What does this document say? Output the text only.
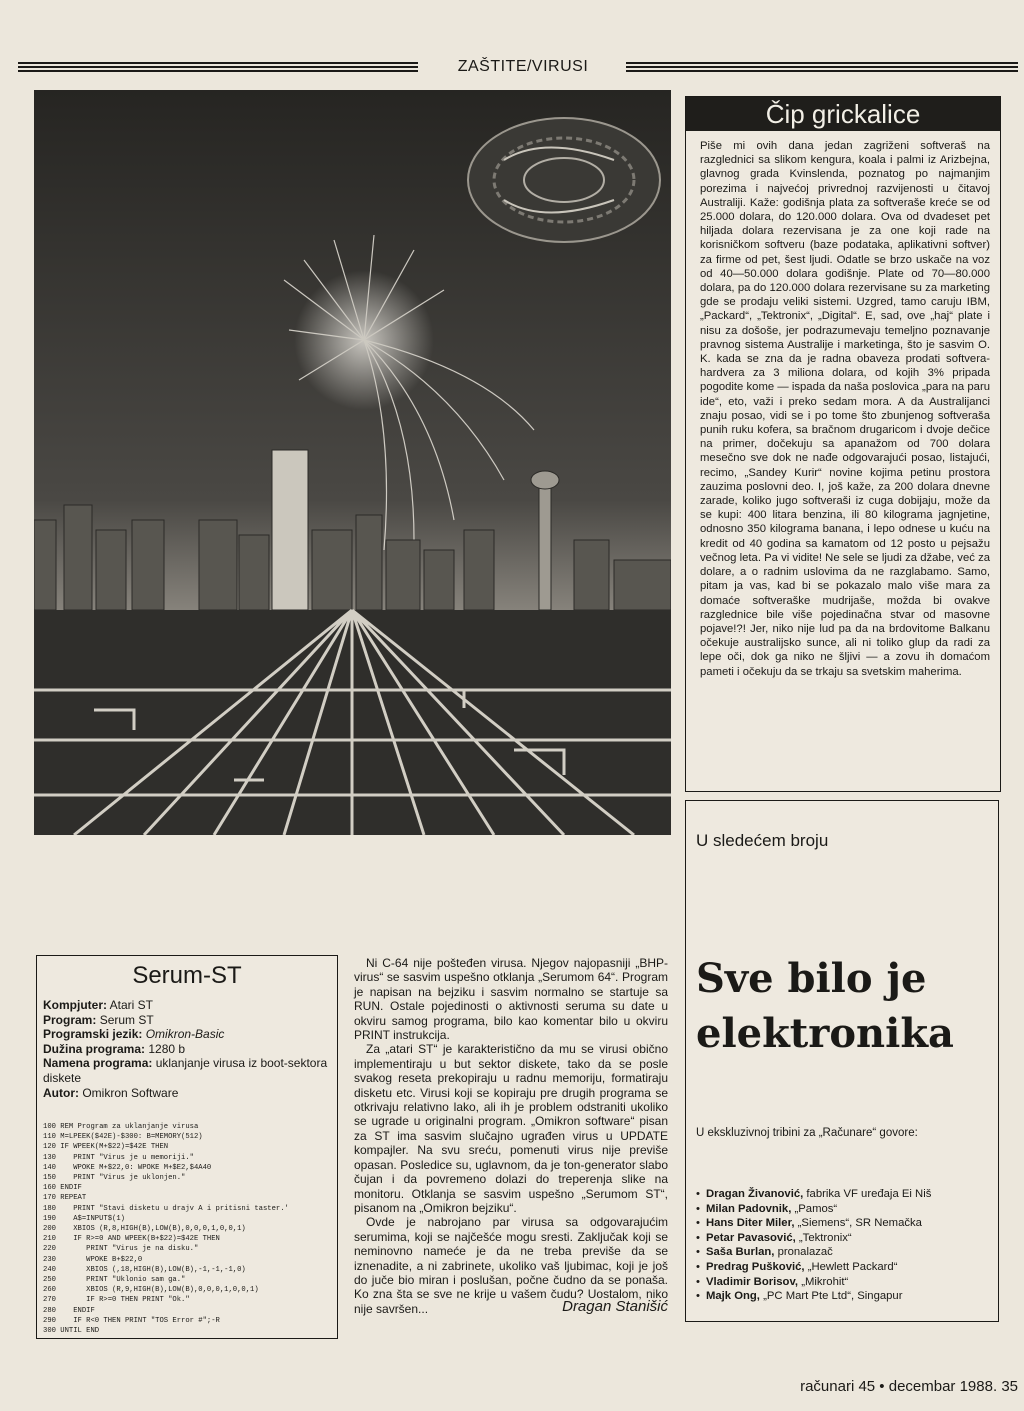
ZAŠTITE/VIRUSI
Čip grickalice
Piše mi ovih dana jedan zagriženi softveraš na razglednici sa slikom kengura, koala i palmi iz Arizbejna, glavnog grada Kvinslenda, poznatog po najmanjim porezima i najvećoj privrednoj razvijenosti u čitavoj Australiji. Kaže: godišnja plata za softveraše kreće se od 25.000 dolara, do 120.000 dolara. Ova od dvadeset pet hiljada dolara rezervisana je za one koji rade na korisničkom softveru (baze podataka, aplikativni softver) za firme od pet, šest ljudi. Odatle se brzo uskače na voz od 40—50.000 dolara godišnje. Plate od 70—80.000 dolara, pa do 120.000 dolara rezervisane su za marketing gde se prodaju veliki sistemi. Uzgred, tamo caruju IBM, „Packard“, „Tektronix“, „Digital“. E, sad, ove „haj“ plate i nisu za došoše, jer podrazumevaju temeljno poznavanje pravnog sistema Australije i marketinga, što je sasvim O. K. kada se zna da je radna obaveza prodati softvera-hardvera za 3 miliona dolara, od kojih 3% pripada pogodite kome — ispada da naša poslovica „para na paru ide“, eto, važi i preko sedam mora. A da Australijanci znaju posao, vidi se i po tome što zbunjenog softveraša punih ruku kofera, sa bračnom drugaricom i dvoje dečice na primer, dočekuju sa apanažom od 700 dolara mesečno sve dok ne nađe odgovarajući posao, listajući, recimo, „Sandey Kurir“ novine kojima petinu prostora zauzima poslovni deo. I, još kaže, za 200 dolara dnevne zarade, koliko jugo softveraši iz cuga dobijaju, može da se kupi: 400 litara benzina, ili 80 kilograma jagnjetine, odnosno 350 kilograma banana, i lepo odnese u kuću na kredit od 40 godina sa kamatom od 12 posto u pejsažu večnog leta. Pa vi vidite! Ne sele se ljudi za džabe, već za dolare, a o radnim uslovima da ne razglabamo. Samo, pitam ja vas, kad bi se pokazalo malo više mara za domaće softveraške mudrijaše, možda bi ovakve razglednice bile više pojedinačna stvar od masovne pojave!?! Jer, niko nije lud pa da na brdovitome Balkanu očekuje australijsko sunce, ali ni toliko glup da radi za lepe oči, dok ga niko ne šljivi — a zovu ih domaćom pameti i očekuju da se trkaju sa svetskim maherima.
U sledećem broju
Sve bilo je elektronika
U ekskluzivnoj tribini za „Računare“ govore:
• Dragan Živanović, fabrika VF uređaja Ei Niš
• Milan Padovnik, „Pamos“
• Hans Diter Miler, „Siemens“, SR Nemačka
• Petar Pavasović, „Tektronix“
• Saša Burlan, pronalazač
• Predrag Pušković, „Hewlett Packard“
• Vladimir Borisov, „Mikrohit“
• Majk Ong, „PC Mart Pte Ltd“, Singapur
Serum-ST
Kompjuter: Atari ST
Program: Serum ST
Programski jezik: Omikron-Basic
Dužina programa: 1280 b
Namena programa: uklanjanje virusa iz boot-sektora diskete
Autor: Omikron Software
100 REM Program za uklanjanje virusa
110 M=LPEEK($42E)-$300: B=MEMORY(512)
120 IF WPEEK(M+$22)=$42E THEN
130    PRINT "Virus je u memoriji."
140    WPOKE M+$22,0: WPOKE M+$E2,$4A40
150    PRINT "Virus je uklonjen."
160 ENDIF
170 REPEAT
180    PRINT "Stavi disketu u drajv A i pritisni taster.'
190    A$=INPUT$(1)
200    XBIOS (R,8,HIGH(B),LOW(B),0,0,0,1,0,0,1)
210    IF R>=0 AND WPEEK(B+$22)=$42E THEN
220       PRINT "Virus je na disku."
230       WPOKE B+$22,0
240       XBIOS (,18,HIGH(B),LOW(B),-1,-1,-1,0)
250       PRINT "Uklonio sam ga."
260       XBIOS (R,9,HIGH(B),LOW(B),0,0,0,1,0,0,1)
270       IF R>=0 THEN PRINT "Ok."
280    ENDIF
290    IF R<0 THEN PRINT "TOS Error #";-R
300 UNTIL END

Ni C-64 nije pošteđen virusa. Njegov najopasniji „BHP-virus“ se sasvim uspešno otklanja „Serumom 64“. Program je napisan na bejziku i sasvim normalno se startuje sa RUN. Ostale pojedinosti o aktivnosti seruma su date u okviru samog programa, bilo kao komentar bilo u okviru PRINT instrukcija.

Za „atari ST“ je karakteristično da mu se virusi obično implementiraju u but sektor diskete, tako da se posle svakog reseta prekopiraju u radnu memoriju, formatiraju disketu etc. Virusi koji se kopiraju pre drugih programa se otkrivaju relativno lako, ali ih je problem odstraniti ukoliko se ugrade u originalni program. „Omikron software“ pisan za ST ima sasvim slučajno ugrađen virus u UPDATE kompajler. Na svu sreću, pomenuti virus nije previše opasan. Posledice su, uglavnom, da je ton-generator slabo čujan i da povremeno dolazi do treperenja slike na monitoru. Otklanja se sasvim uspešno „Serumom ST“, pisanom na „Omikron bejziku“.

Ovde je nabrojano par virusa sa odgovarajućim serumima, koji se najčešće mogu sresti. Zaključak koji se neminovno nameće je da ne treba previše da se iznenadite, a ni zabrinete, ukoliko vaš ljubimac, koji je još do juče bio miran i poslušan, počne čudno da se ponaša. Ko zna šta se sve ne krije u vašem čudu? Uostalom, niko nije savršen...	Dragan Stanišić
računari 45 • decembar 1988. 35
